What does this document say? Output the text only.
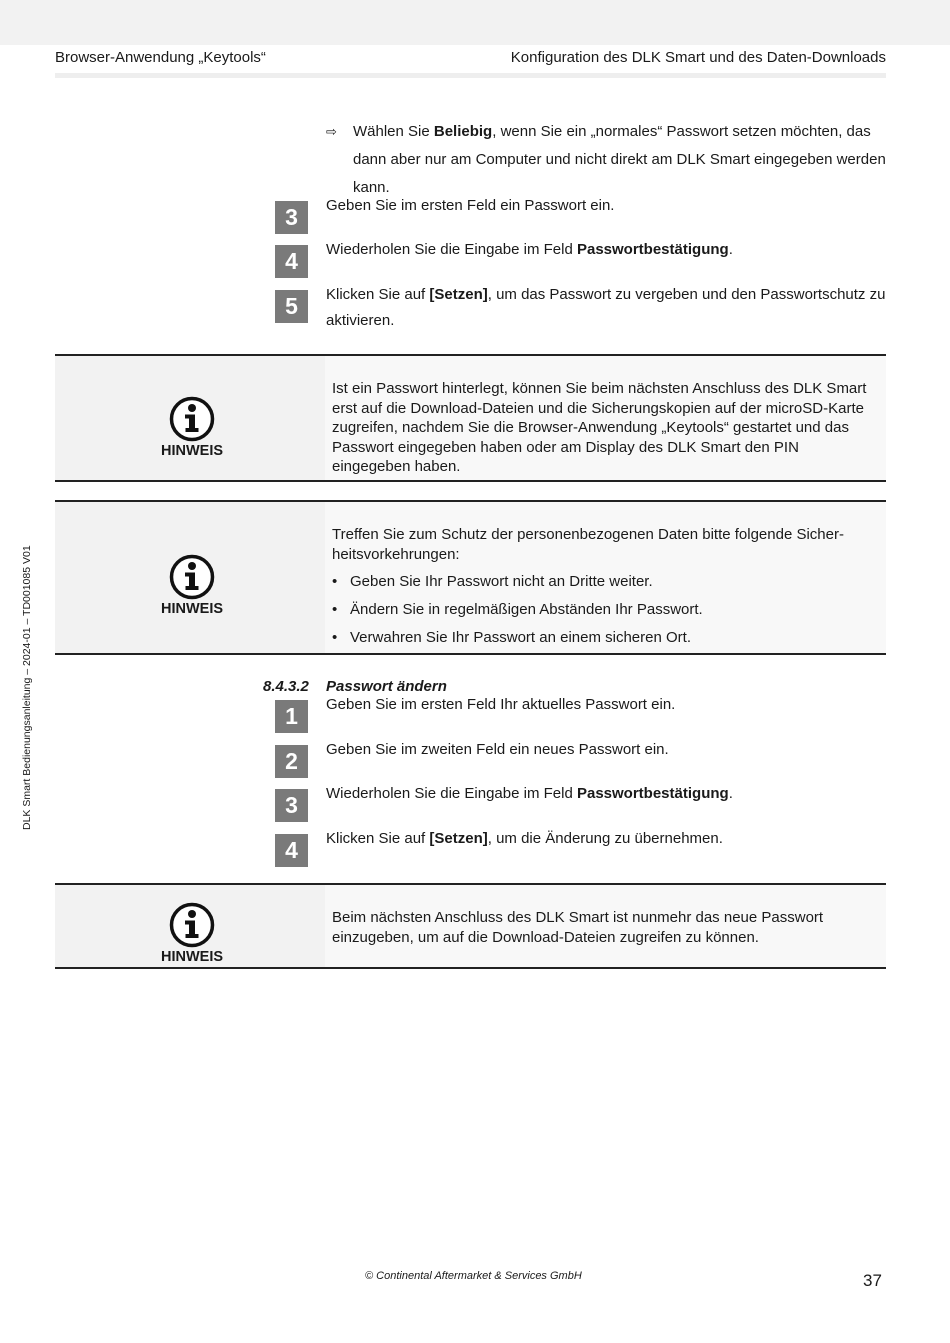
Browser-Anwendung „Keytools“	Konfiguration des DLK Smart und des Daten-Downloads
DLK Smart Bedienungsanleitung – 2024-01 – TD001085 V01
⇨	Wählen Sie Beliebig, wenn Sie ein „normales“ Passwort setzen möchten, das dann aber nur am Computer und nicht direkt am DLK Smart eingegeben werden kann.
3	Geben Sie im ersten Feld ein Passwort ein.
4	Wiederholen Sie die Eingabe im Feld Passwortbestätigung.
5	Klicken Sie auf [Setzen], um das Passwort zu vergeben und den Passwortschutz zu aktivieren.
HINWEIS
Ist ein Passwort hinterlegt, können Sie beim nächsten Anschluss des DLK Smart erst auf die Download-Dateien und die Sicherungskopien auf der microSD-Karte zugreifen, nachdem Sie die Browser-Anwendung „Keytools“ gestartet und das Passwort eingegeben haben oder am Display des DLK Smart den PIN eingegeben haben.
HINWEIS
Treffen Sie zum Schutz der personenbezogenen Daten bitte folgende Sicherheitsvorkehrungen:
• Geben Sie Ihr Passwort nicht an Dritte weiter.
• Ändern Sie in regelmäßigen Abständen Ihr Passwort.
• Verwahren Sie Ihr Passwort an einem sicheren Ort.
8.4.3.2 Passwort ändern
1	Geben Sie im ersten Feld Ihr aktuelles Passwort ein.
2	Geben Sie im zweiten Feld ein neues Passwort ein.
3	Wiederholen Sie die Eingabe im Feld Passwortbestätigung.
4	Klicken Sie auf [Setzen], um die Änderung zu übernehmen.
HINWEIS
Beim nächsten Anschluss des DLK Smart ist nunmehr das neue Passwort einzugeben, um auf die Download-Dateien zugreifen zu können.
© Continental Aftermarket & Services GmbH	37
